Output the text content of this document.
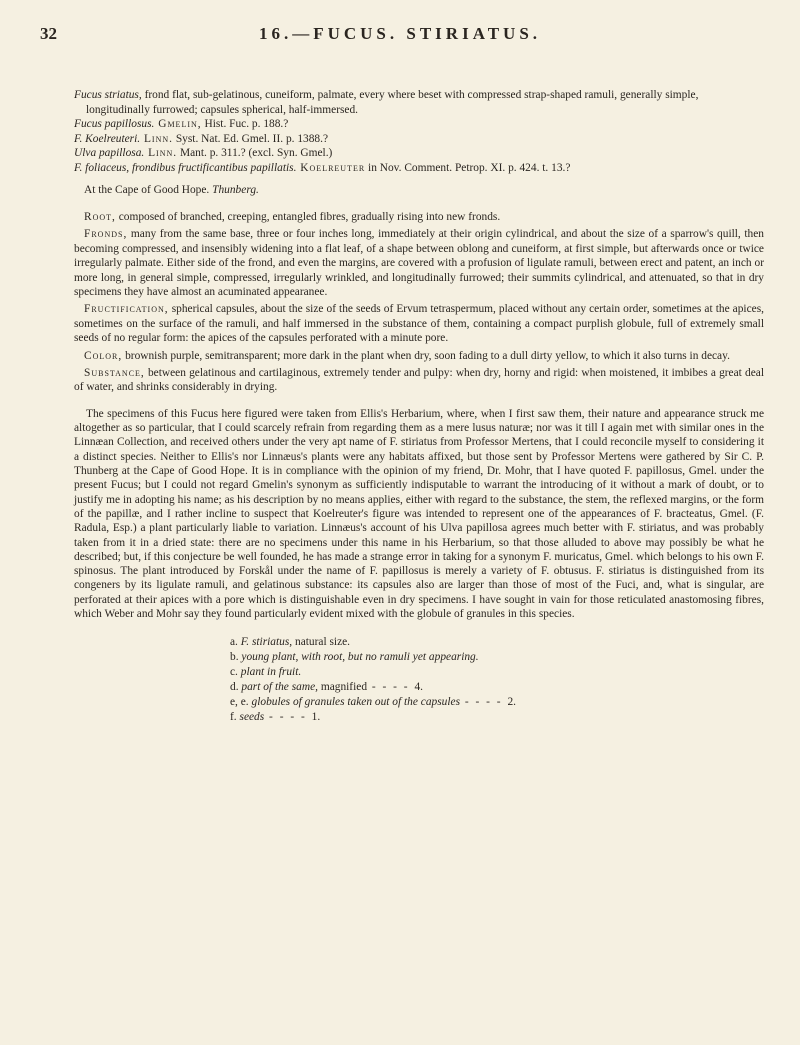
32	16.—FUCUS. STIRIATUS.

Fucus striatus, frond flat, sub-gelatinous, cuneiform, palmate, every where beset with compressed strap-shaped ramuli, generally simple, longitudinally furrowed; capsules spherical, half-immersed.

Fucus papillosus. Gmelin, Hist. Fuc. p. 188.?

F. Koelreuteri. Linn. Syst. Nat. Ed. Gmel. II. p. 1388.?

Ulva papillosa. Linn. Mant. p. 311.? (excl. Syn. Gmel.)

F. foliaceus, frondibus fructificantibus papillatis. Koelreuter in Nov. Comment. Petrop. XI. p. 424. t. 13.?

At the Cape of Good Hope. Thunberg.

Root, composed of branched, creeping, entangled fibres, gradually rising into new fronds.

Fronds, many from the same base, three or four inches long, immediately at their origin cylindrical, and about the size of a sparrow's quill, then becoming compressed, and insensibly widening into a flat leaf, of a shape between oblong and cuneiform, at first simple, but afterwards once or twice irregularly palmate. Either side of the frond, and even the margins, are covered with a profusion of ligulate ramuli, between erect and patent, an inch or more long, in general simple, compressed, irregularly wrinkled, and longitudinally furrowed; their summits cylindrical, and attenuated, so that in dry specimens they have almost an acuminated appearanee.

Fructification, spherical capsules, about the size of the seeds of Ervum tetraspermum, placed without any certain order, sometimes at the apices, sometimes on the surface of the ramuli, and half immersed in the substance of them, containing a compact purplish globule, full of extremely small seeds of no regular form: the apices of the capsules perforated with a minute pore.

Color, brownish purple, semitransparent; more dark in the plant when dry, soon fading to a dull dirty yellow, to which it also turns in decay.

Substance, between gelatinous and cartilaginous, extremely tender and pulpy: when dry, horny and rigid: when moistened, it imbibes a great deal of water, and shrinks considerably in drying.

The specimens of this Fucus here figured were taken from Ellis's Herbarium, where, when I first saw them, their nature and appearance struck me altogether as so particular, that I could scarcely refrain from regarding them as a mere lusus naturæ; nor was it till I again met with similar ones in the Linnæan Collection, and received others under the very apt name of F. stiriatus from Professor Mertens, that I could reconcile myself to considering it a distinct species. Neither to Ellis's nor Linnæus's plants were any habitats affixed, but those sent by Professor Mertens were gathered by Sir C. P. Thunberg at the Cape of Good Hope. It is in compliance with the opinion of my friend, Dr. Mohr, that I have quoted F. papillosus, Gmel. under the present Fucus; but I could not regard Gmelin's synonym as sufficiently indisputable to warrant the introducing of it without a mark of doubt, or to justify me in adopting his name; as his description by no means applies, either with regard to the substance, the stem, the reflexed margins, or the form of the papillæ, and I rather incline to suspect that Koelreuter's figure was intended to represent one of the appearances of F. bracteatus, Gmel. (F. Radula, Esp.) a plant particularly liable to variation. Linnæus's account of his Ulva papillosa agrees much better with F. stiriatus, and was probably taken from it in a dried state: there are no specimens under this name in his Herbarium, so that those alluded to above may possibly be what he described; but, if this conjecture be well founded, he has made a strange error in taking for a synonym F. muricatus, Gmel. which belongs to his own F. spinosus. The plant introduced by Forskål under the name of F. papillosus is merely a variety of F. obtusus. F. stiriatus is distinguished from its congeners by its ligulate ramuli, and gelatinous substance: its capsules also are larger than those of most of the Fuci, and, what is singular, are perforated at their apices with a pore which is distinguishable even in dry specimens. I have sought in vain for those reticulated anastomosing fibres, which Weber and Mohr say they found particularly evident mixed with the globule of granules in this species.

a. F. stiriatus, natural size.
b. young plant, with root, but no ramuli yet appearing.
c. plant in fruit.
d. part of the same, magnified - - - - 4.
e, e. globules of granules taken out of the capsules - - - - 2.
f. seeds - - - - 1.
